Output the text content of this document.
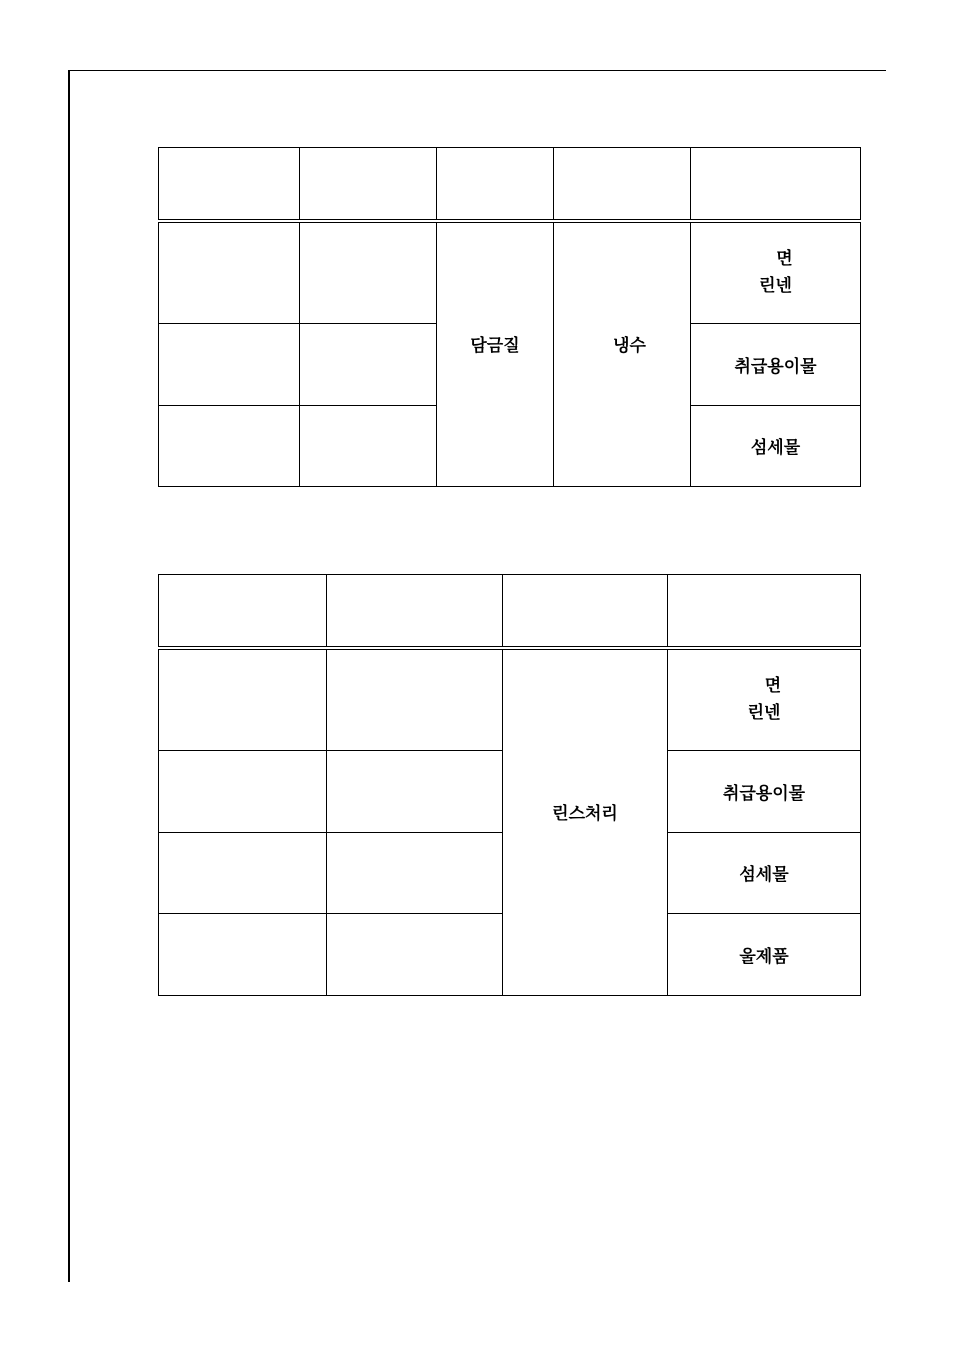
		담금질	냉수	면
린넨

				취급용이물
				섬세물

		린스처리	면
린넨

			취급용이물
			섬세물
			울제품
